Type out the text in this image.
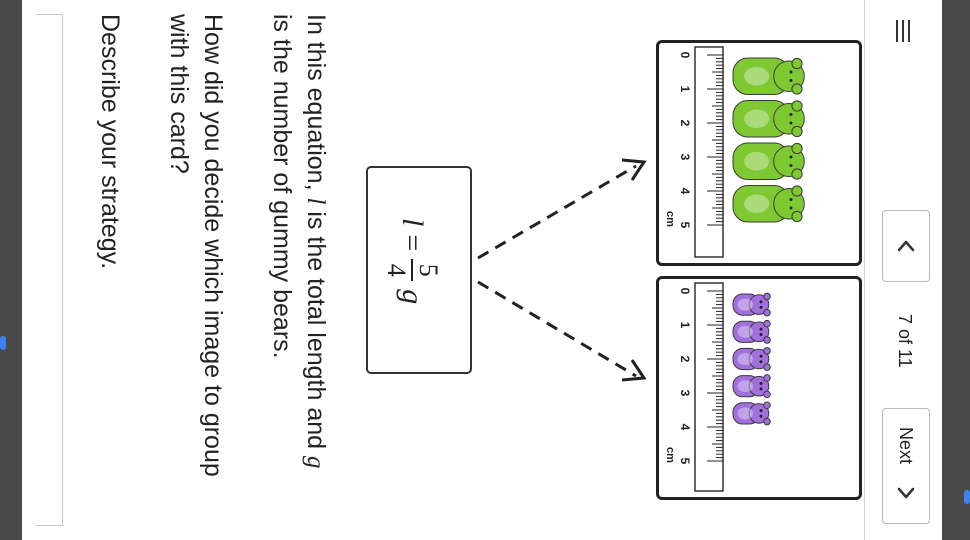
7 of 11
Next
In this equation, l is the total length and g
is the number of gummy bears.
How did you decide which image to group
with this card?
Describe your strategy.	l
=
5
4
g
0
1
2
3
4
5
cm
0
1
2
3
4
5
cm
